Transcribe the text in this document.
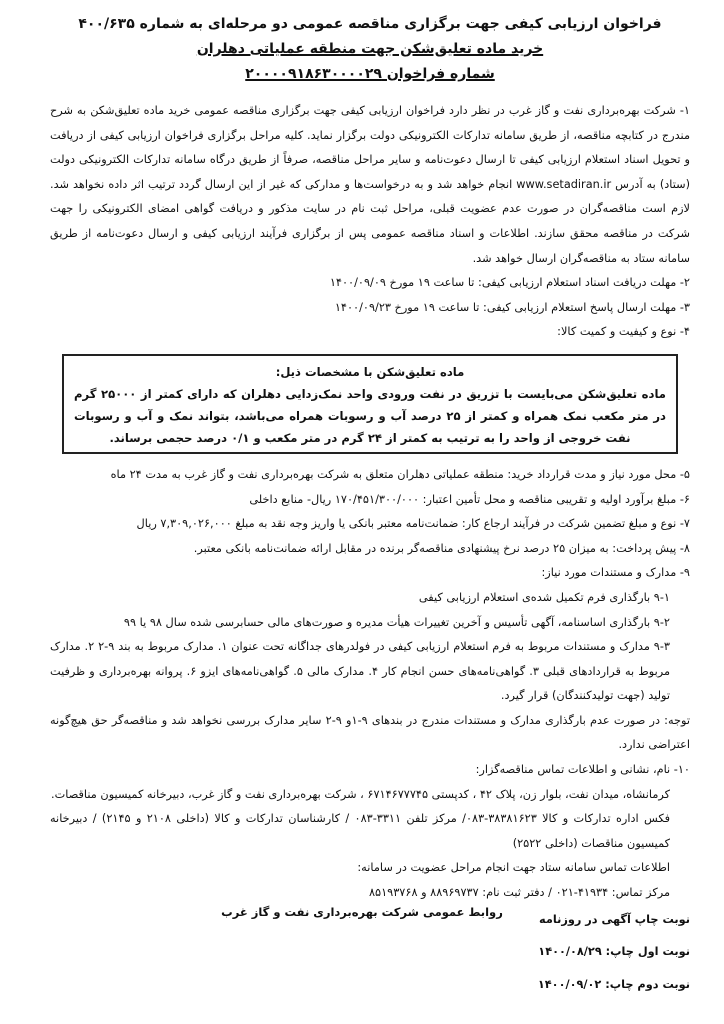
فراخوان ارزیابی کیفی جهت برگزاری مناقصه عمومی دو مرحله‌ای به شماره ۴۰۰/۶۳۵
خرید ماده تعلیق‌شکن جهت منطقه عملیاتی دهلران
شماره فراخوان ۲۰۰۰۰۹۱۸۶۳۰۰۰۰۲۹

۱- شرکت بهره‌برداری نفت و گاز غرب در نظر دارد فراخوان ارزیابی کیفی جهت برگزاری مناقصه عمومی خرید ماده تعلیق‌شکن به شرح مندرج در کتابچه مناقصه، از طریق سامانه تدارکات الکترونیکی دولت برگزار نماید. کلیه مراحل برگزاری فراخوان ارزیابی کیفی از دریافت و تحویل اسناد استعلام ارزیابی کیفی تا ارسال دعوت‌نامه و سایر مراحل مناقصه، صرفاً از طریق درگاه سامانه تدارکات الکترونیکی دولت (ستاد) به آدرس www.setadiran.ir انجام خواهد شد و به درخواست‌ها و مدارکی که غیر از این ارسال گردد ترتیب اثر داده نخواهد شد. لازم است مناقصه‌گران در صورت عدم عضویت قبلی، مراحل ثبت نام در سایت مذکور و دریافت گواهی امضای الکترونیکی را جهت شرکت در مناقصه محقق سازند. اطلاعات و اسناد مناقصه عمومی پس از برگزاری فرآیند ارزیابی کیفی و ارسال دعوت‌نامه از طریق سامانه ستاد به مناقصه‌گران ارسال خواهد شد.

۲- مهلت دریافت اسناد استعلام ارزیابی کیفی: تا ساعت ۱۹ مورخ ۱۴۰۰/۰۹/۰۹

۳- مهلت ارسال پاسخ استعلام ارزیابی کیفی: تا ساعت ۱۹ مورخ ۱۴۰۰/۰۹/۲۳

۴- نوع و کیفیت و کمیت کالا:

ماده تعلیق‌شکن با مشخصات ذیل:
ماده تعلیق‌شکن می‌بایست با تزریق در نفت ورودی واحد نمک‌زدایی دهلران که دارای کمتر از ۲۵۰۰۰ گرم در متر مکعب نمک همراه و کمتر از ۲۵ درصد آب و رسوبات همراه می‌باشد، بتواند نمک و آب و رسوبات نفت خروجی از واحد را به ترتیب به کمتر از ۲۴ گرم در متر مکعب و ۰/۱ درصد حجمی برساند.

۵- محل مورد نیاز و مدت قرارداد خرید: منطقه عملیاتی دهلران متعلق به شرکت بهره‌برداری نفت و گاز غرب به مدت ۲۴ ماه

۶- مبلغ برآورد اولیه و تقریبی مناقصه و محل تأمین اعتبار: ۱۷۰/۴۵۱/۳۰۰/۰۰۰ ریال- منابع داخلی

۷- نوع و مبلغ تضمین شرکت در فرآیند ارجاع کار: ضمانت‌نامه معتبر بانکی یا واریز وجه نقد به مبلغ ۷,۳۰۹,۰۲۶,۰۰۰ ریال

۸- پیش پرداخت: به میزان ۲۵ درصد نرخ پیشنهادی مناقصه‌گر برنده در مقابل ارائه ضمانت‌نامه بانکی معتبر.

۹- مدارک و مستندات مورد نیاز:

۹-۱ بارگذاری فرم تکمیل شده‌ی استعلام ارزیابی کیفی

۹-۲ بارگذاری اساسنامه، آگهی تأسیس و آخرین تغییرات هیأت مدیره و صورت‌های مالی حسابرسی شده سال ۹۸ یا ۹۹

۹-۳ مدارک و مستندات مربوط به فرم استعلام ارزیابی کیفی در فولدرهای جداگانه تحت عنوان ۱. مدارک مربوط به بند ۹-۲ ۲. مدارک مربوط به قراردادهای قبلی ۳. گواهی‌نامه‌های حسن انجام کار ۴. مدارک مالی ۵. گواهی‌نامه‌های ایزو ۶. پروانه بهره‌برداری و ظرفیت تولید (جهت تولیدکنندگان) قرار گیرد.

توجه: در صورت عدم بارگذاری مدارک و مستندات مندرج در بندهای ۹-۱و ۹-۲ سایر مدارک بررسی نخواهد شد و مناقصه‌گر حق هیچ‌گونه اعتراضی ندارد.

۱۰- نام، نشانی و اطلاعات تماس مناقصه‌گزار:

کرمانشاه، میدان نفت، بلوار زن، پلاک ۴۲ ، کدپستی ۶۷۱۴۶۷۷۷۴۵ ، شرکت بهره‌برداری نفت و گاز غرب، دبیرخانه کمیسیون مناقصات.

فکس اداره تدارکات و کالا ۳۸۳۸۱۶۲۳-۰۸۳/ مرکز تلفن ۳۳۱۱-۰۸۳ / کارشناسان تدارکات و کالا (داخلی ۲۱۰۸ و ۲۱۴۵) / دبیرخانه کمیسیون مناقصات (داخلی ۲۵۲۲)

اطلاعات تماس سامانه ستاد جهت انجام مراحل عضویت در سامانه:

مرکز تماس: ۴۱۹۳۴-۰۲۱ / دفتر ثبت نام: ۸۸۹۶۹۷۳۷ و ۸۵۱۹۳۷۶۸

نوبت چاپ آگهی در روزنامه

نوبت اول چاپ: ۱۴۰۰/۰۸/۲۹

نوبت دوم چاپ: ۱۴۰۰/۰۹/۰۲

روابط عمومی شرکت بهره‌برداری نفت و گاز غرب
